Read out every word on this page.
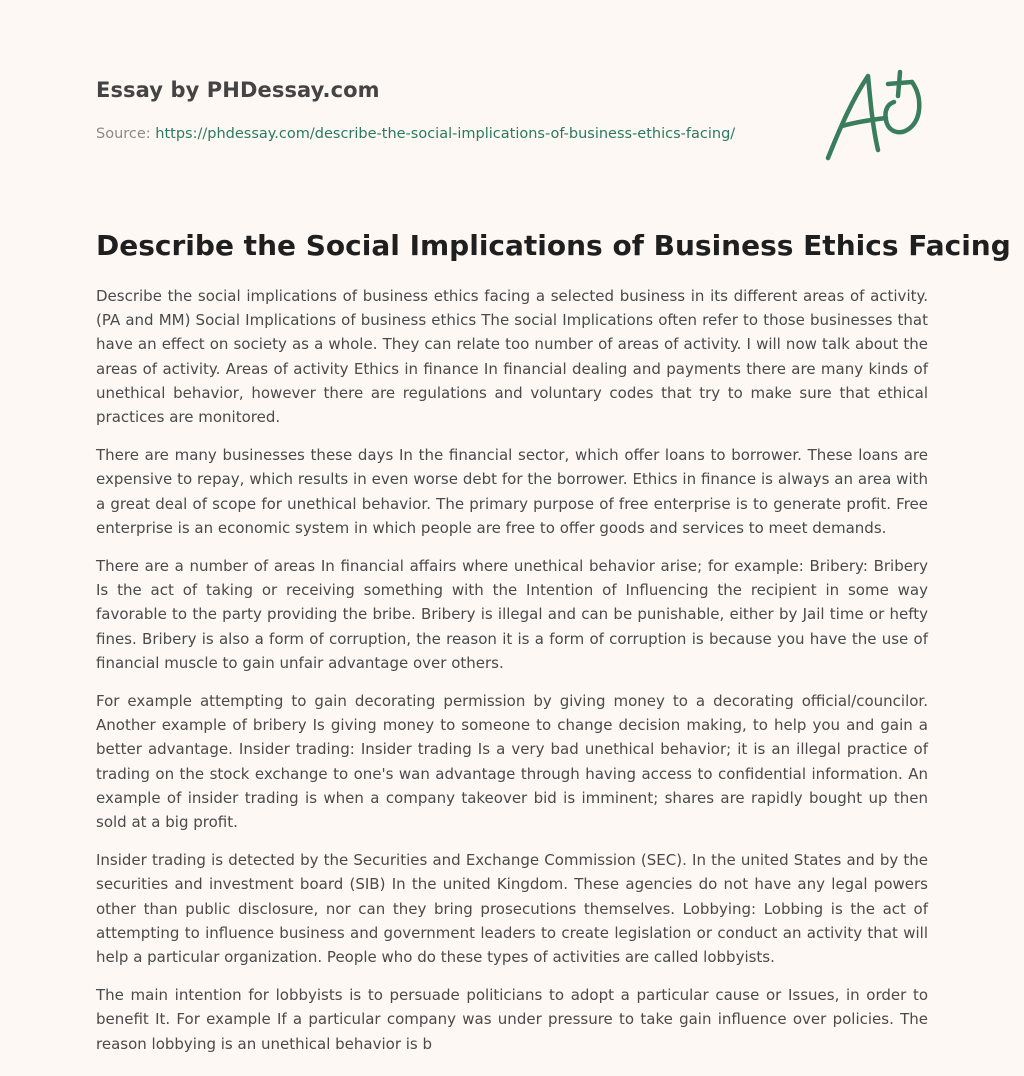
Essay by PHDessay.com
Source: https://phdessay.com/describe-the-social-implications-of-business-ethics-facing/
Describe the Social Implications of Business Ethics Facing

Describe the social implications of business ethics facing a selected business in its different areas of activity. (PA and MM) Social Implications of business ethics The social Implications often refer to those businesses that have an effect on society as a whole. They can relate too number of areas of activity. I will now talk about the areas of activity. Areas of activity Ethics in finance In financial dealing and payments there are many kinds of unethical behavior, however there are regulations and voluntary codes that try to make sure that ethical practices are monitored.

There are many businesses these days In the financial sector, which offer loans to borrower. These loans are expensive to repay, which results in even worse debt for the borrower. Ethics in finance is always an area with a great deal of scope for unethical behavior. The primary purpose of free enterprise is to generate profit. Free enterprise is an economic system in which people are free to offer goods and services to meet demands.

There are a number of areas In financial affairs where unethical behavior arise; for example: Bribery: Bribery Is the act of taking or receiving something with the Intention of Influencing the recipient in some way favorable to the party providing the bribe. Bribery is illegal and can be punishable, either by Jail time or hefty fines. Bribery is also a form of corruption, the reason it is a form of corruption is because you have the use of financial muscle to gain unfair advantage over others.

For example attempting to gain decorating permission by giving money to a decorating official/councilor. Another example of bribery Is giving money to someone to change decision making, to help you and gain a better advantage. Insider trading: Insider trading Is a very bad unethical behavior; it is an illegal practice of trading on the stock exchange to one's wan advantage through having access to confidential information. An example of insider trading is when a company takeover bid is imminent; shares are rapidly bought up then sold at a big profit.

Insider trading is detected by the Securities and Exchange Commission (SEC). In the united States and by the securities and investment board (SIB) In the united Kingdom. These agencies do not have any legal powers other than public disclosure, nor can they bring prosecutions themselves. Lobbying: Lobbing is the act of attempting to influence business and government leaders to create legislation or conduct an activity that will help a particular organization. People who do these types of activities are called lobbyists.

The main intention for lobbyists is to persuade politicians to adopt a particular cause or Issues, in order to benefit It. For example If a particular company was under pressure to take gain influence over policies. The reason lobbying is an unethical behavior is b
